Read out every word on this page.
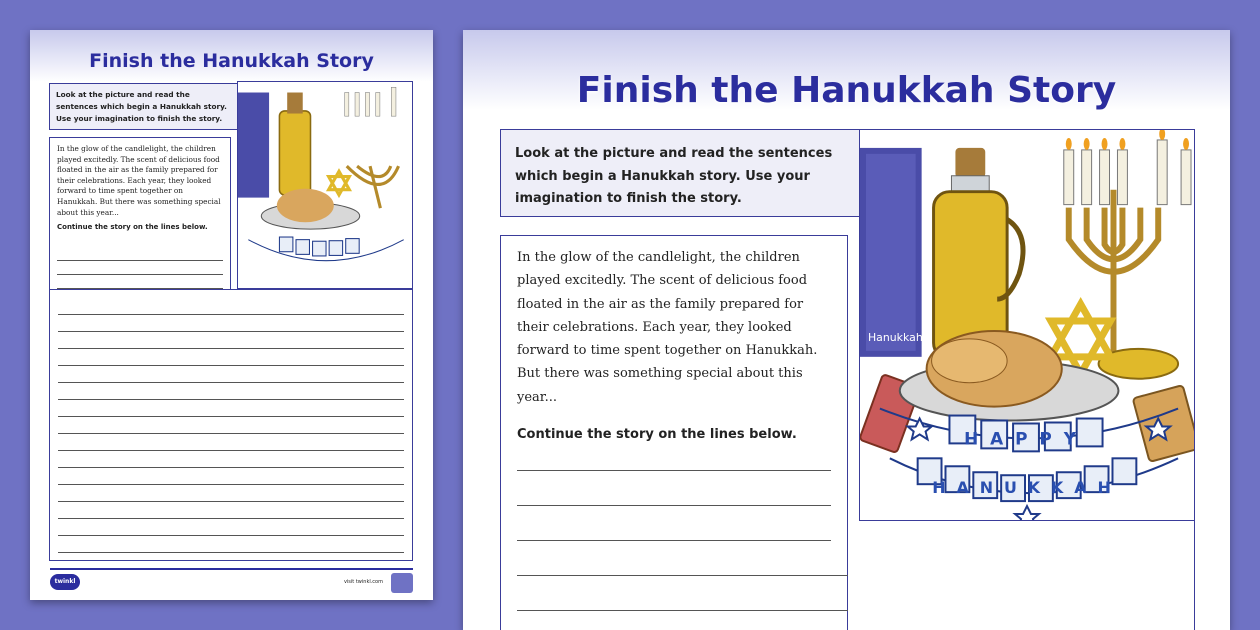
Finish the Hanukkah Story
Look at the picture and read the sentences which begin a Hanukkah story. Use your imagination to finish the story.
In the glow of the candlelight, the children played excitedly. The scent of delicious food floated in the air as the family prepared for their celebrations. Each year, they looked forward to time spent together on Hanukkah. But there was something special about this year...
Continue the story on the lines below.
twinkl	visit twinkl.com
Finish the Hanukkah Story
Look at the picture and read the sentences which begin a Hanukkah story. Use your imagination to finish the story.
Hanukkah
HAPPY
HANUKKAH
In the glow of the candlelight, the children played excitedly. The scent of delicious food floated in the air as the family prepared for their celebrations. Each year, they looked forward to time spent together on Hanukkah. But there was something special about this year...
Continue the story on the lines below.
